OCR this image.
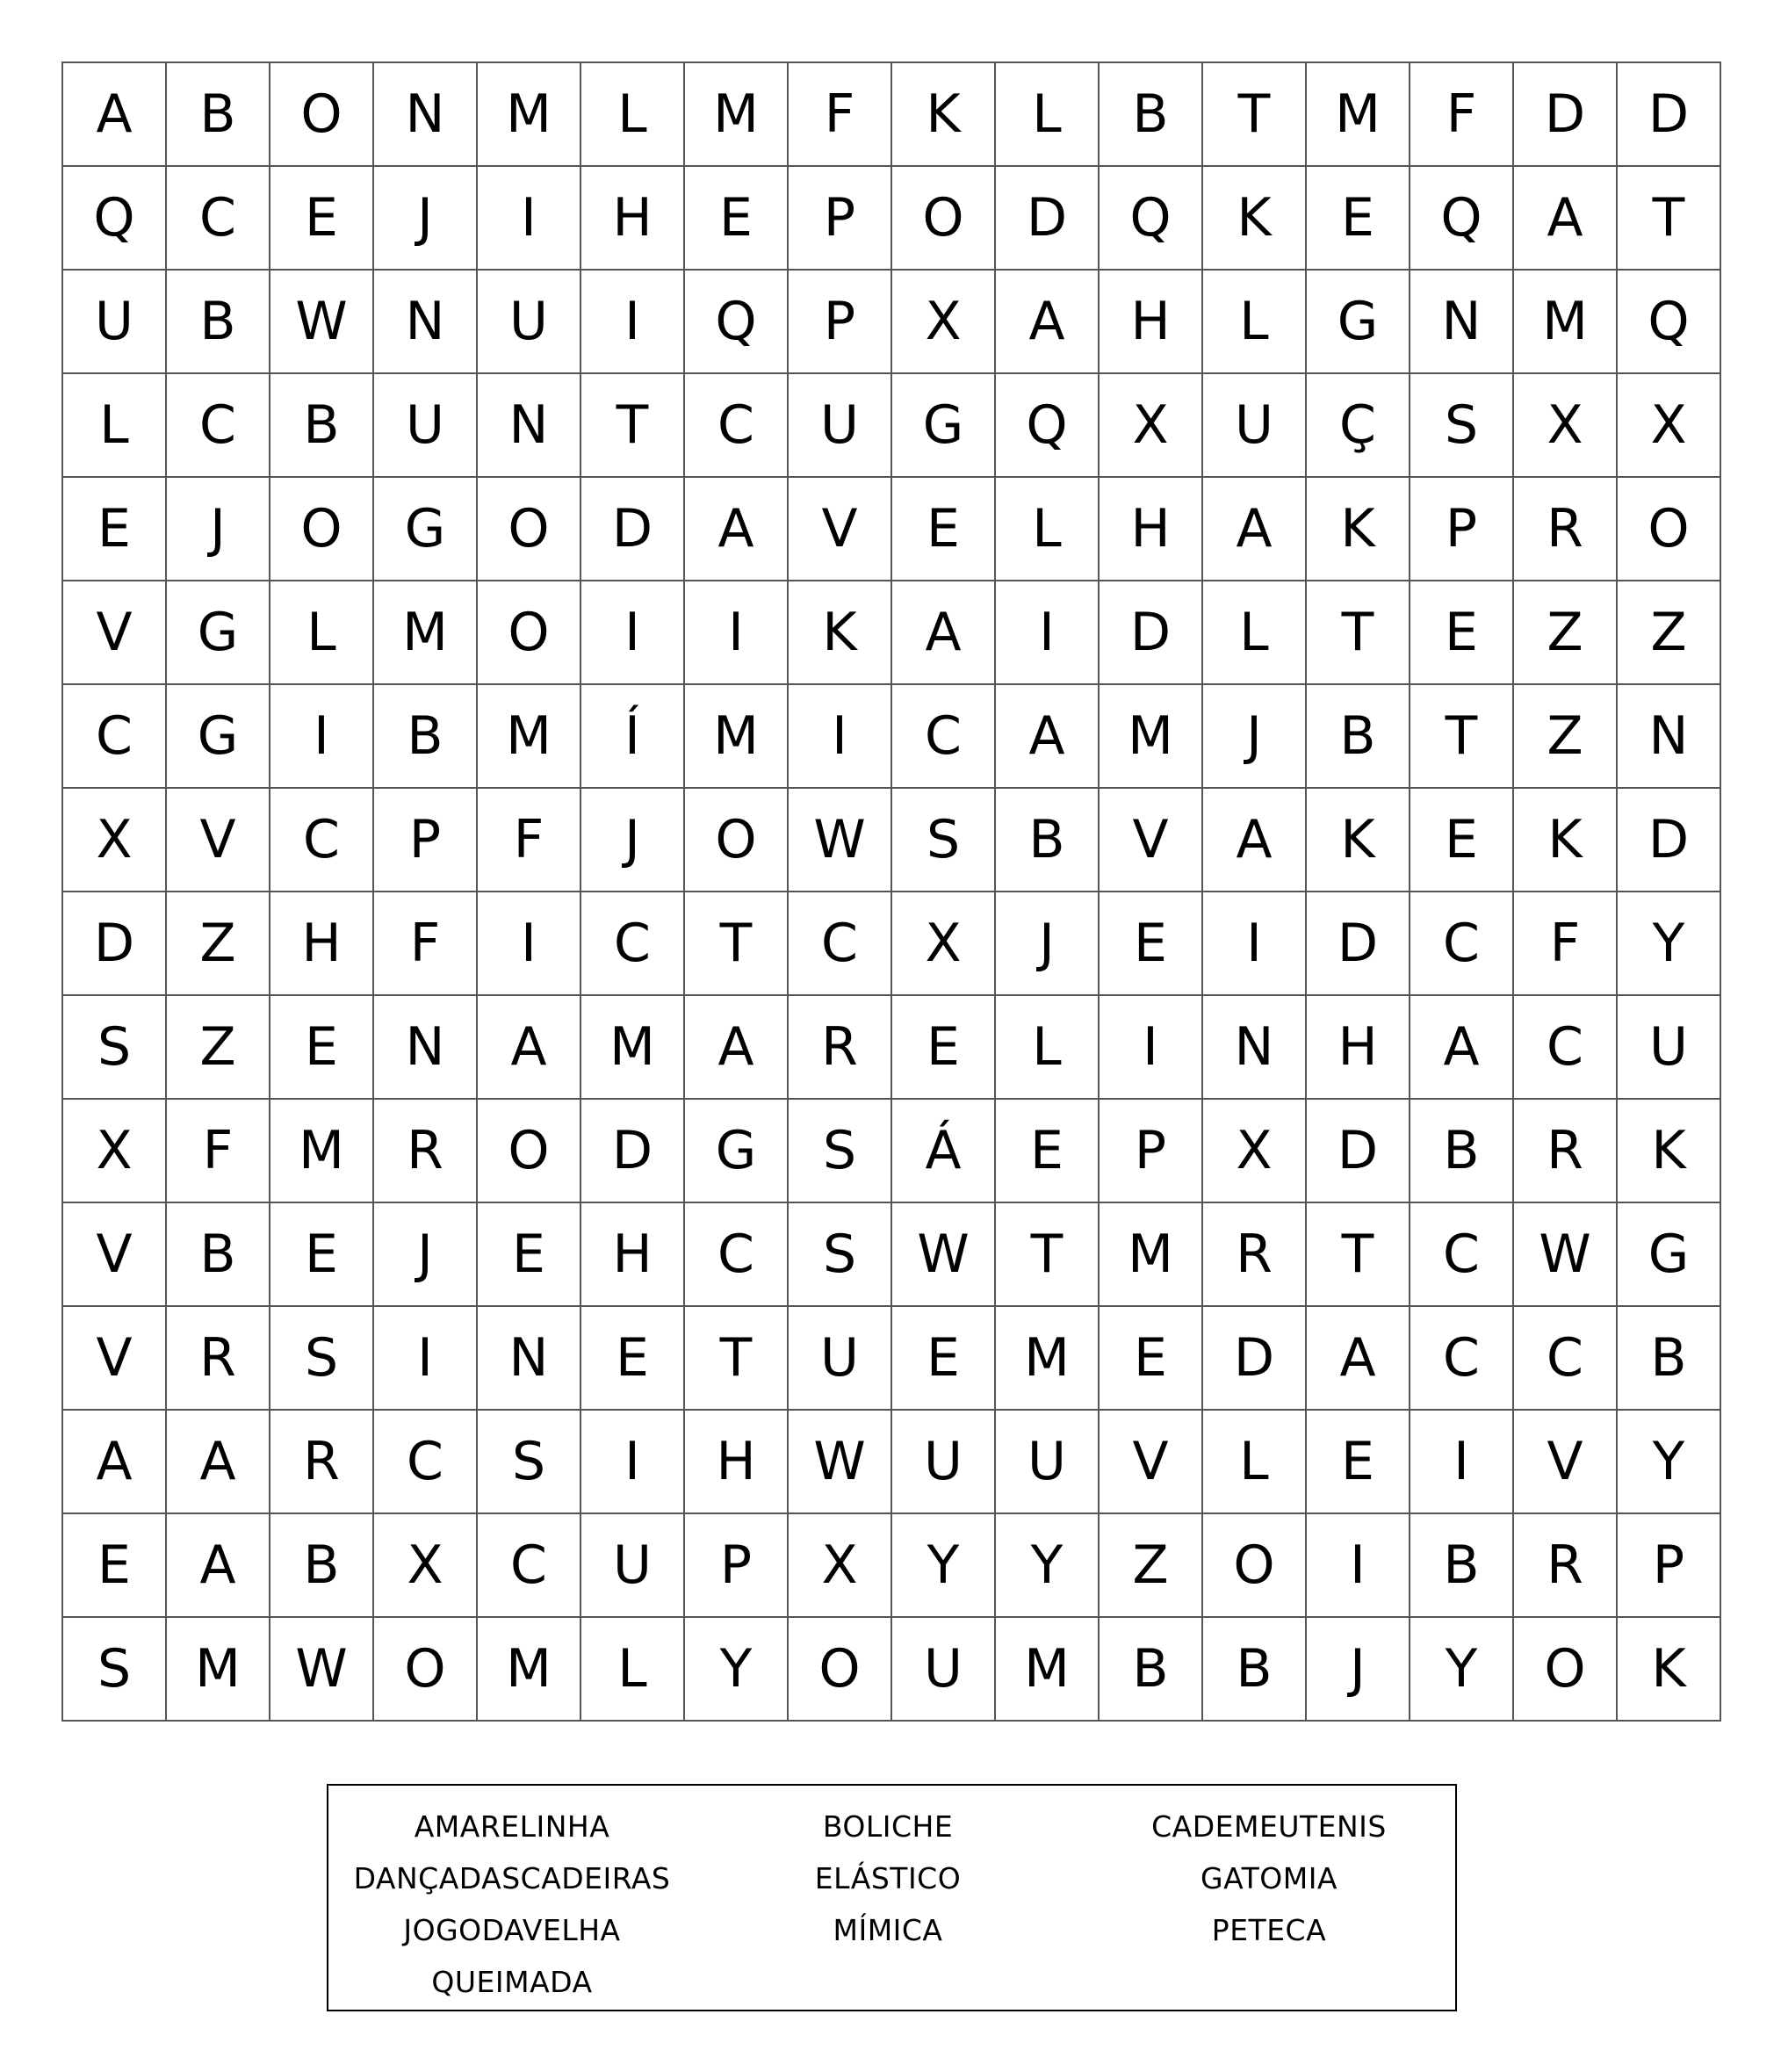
A	B	O	N	M	L	M	F	K	L	B	T	M	F	D	D
Q	C	E	J	I	H	E	P	O	D	Q	K	E	Q	A	T
U	B	W	N	U	I	Q	P	X	A	H	L	G	N	M	Q
L	C	B	U	N	T	C	U	G	Q	X	U	Ç	S	X	X
E	J	O	G	O	D	A	V	E	L	H	A	K	P	R	O
V	G	L	M	O	I	I	K	A	I	D	L	T	E	Z	Z
C	G	I	B	M	Í	M	I	C	A	M	J	B	T	Z	N
X	V	C	P	F	J	O	W	S	B	V	A	K	E	K	D
D	Z	H	F	I	C	T	C	X	J	E	I	D	C	F	Y
S	Z	E	N	A	M	A	R	E	L	I	N	H	A	C	U
X	F	M	R	O	D	G	S	Á	E	P	X	D	B	R	K
V	B	E	J	E	H	C	S	W	T	M	R	T	C	W	G
V	R	S	I	N	E	T	U	E	M	E	D	A	C	C	B
A	A	R	C	S	I	H	W	U	U	V	L	E	I	V	Y
E	A	B	X	C	U	P	X	Y	Y	Z	O	I	B	R	P
S	M	W	O	M	L	Y	O	U	M	B	B	J	Y	O	K
AMARELINHA
DANÇADASCADEIRAS
JOGODAVELHA
QUEIMADA
BOLICHE
ELÁSTICO
MÍMICA
CADEMEUTENIS
GATOMIA
PETECA
